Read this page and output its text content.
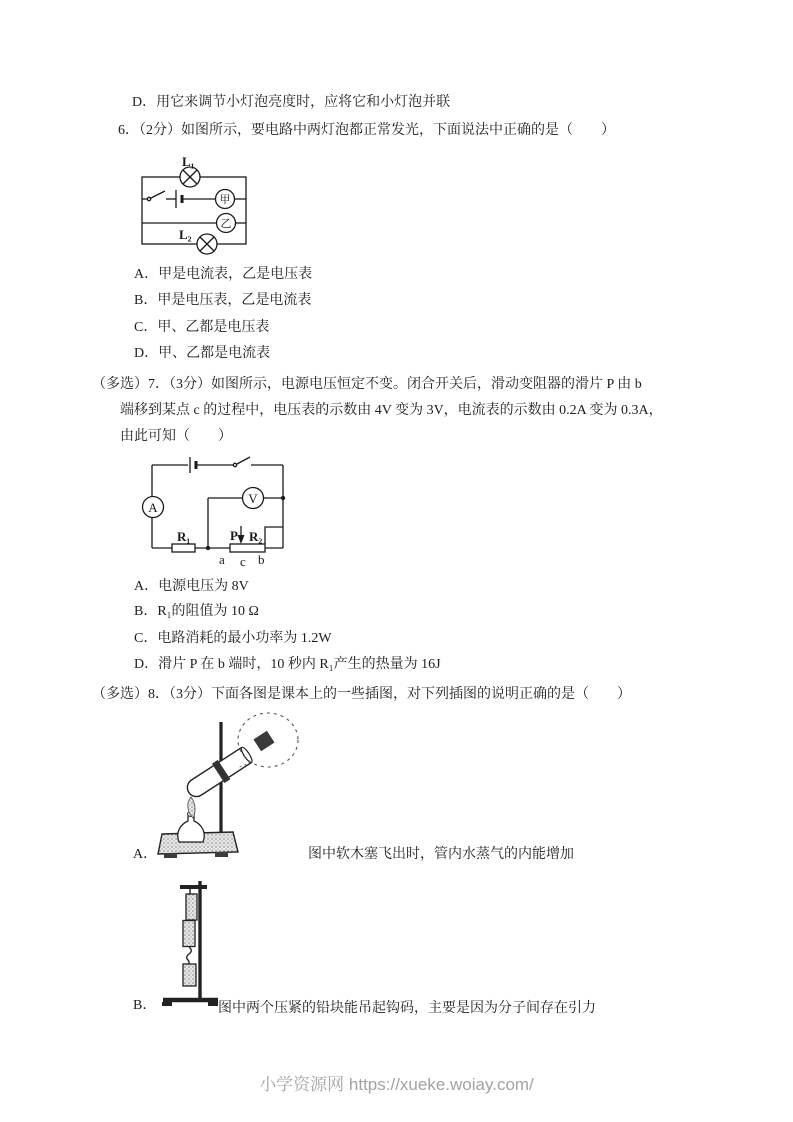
D．用它来调节小灯泡亮度时，应将它和小灯泡并联
6．（2分）如图所示，要电路中两灯泡都正常发光，下面说法中正确的是（　　）
L₁
L₂
甲
乙
A．甲是电流表，乙是电压表
B．甲是电压表，乙是电流表
C．甲、乙都是电压表
D．甲、乙都是电流表
（多选）7．（3分）如图所示，电源电压恒定不变。闭合开关后，滑动变阻器的滑片 P 由 b
端移到某点 c 的过程中，电压表的示数由 4V 变为 3V，电流表的示数由 0.2A 变为 0.3A，
由此可知（　　）
A
V
R₁	P R₂
a c b
A．电源电压为 8V
B．R₁的阻值为 10 Ω
C．电路消耗的最小功率为 1.2W
D．滑片 P 在 b 端时，10 秒内 R₁产生的热量为 16J
（多选）8．（3分）下面各图是课本上的一些插图，对下列插图的说明正确的是（　　）
A．	图中软木塞飞出时，管内水蒸气的内能增加
B．	图中两个压紧的铅块能吊起钩码，主要是因为分子间存在引力
小学资源网 https://xueke.woiay.com/
